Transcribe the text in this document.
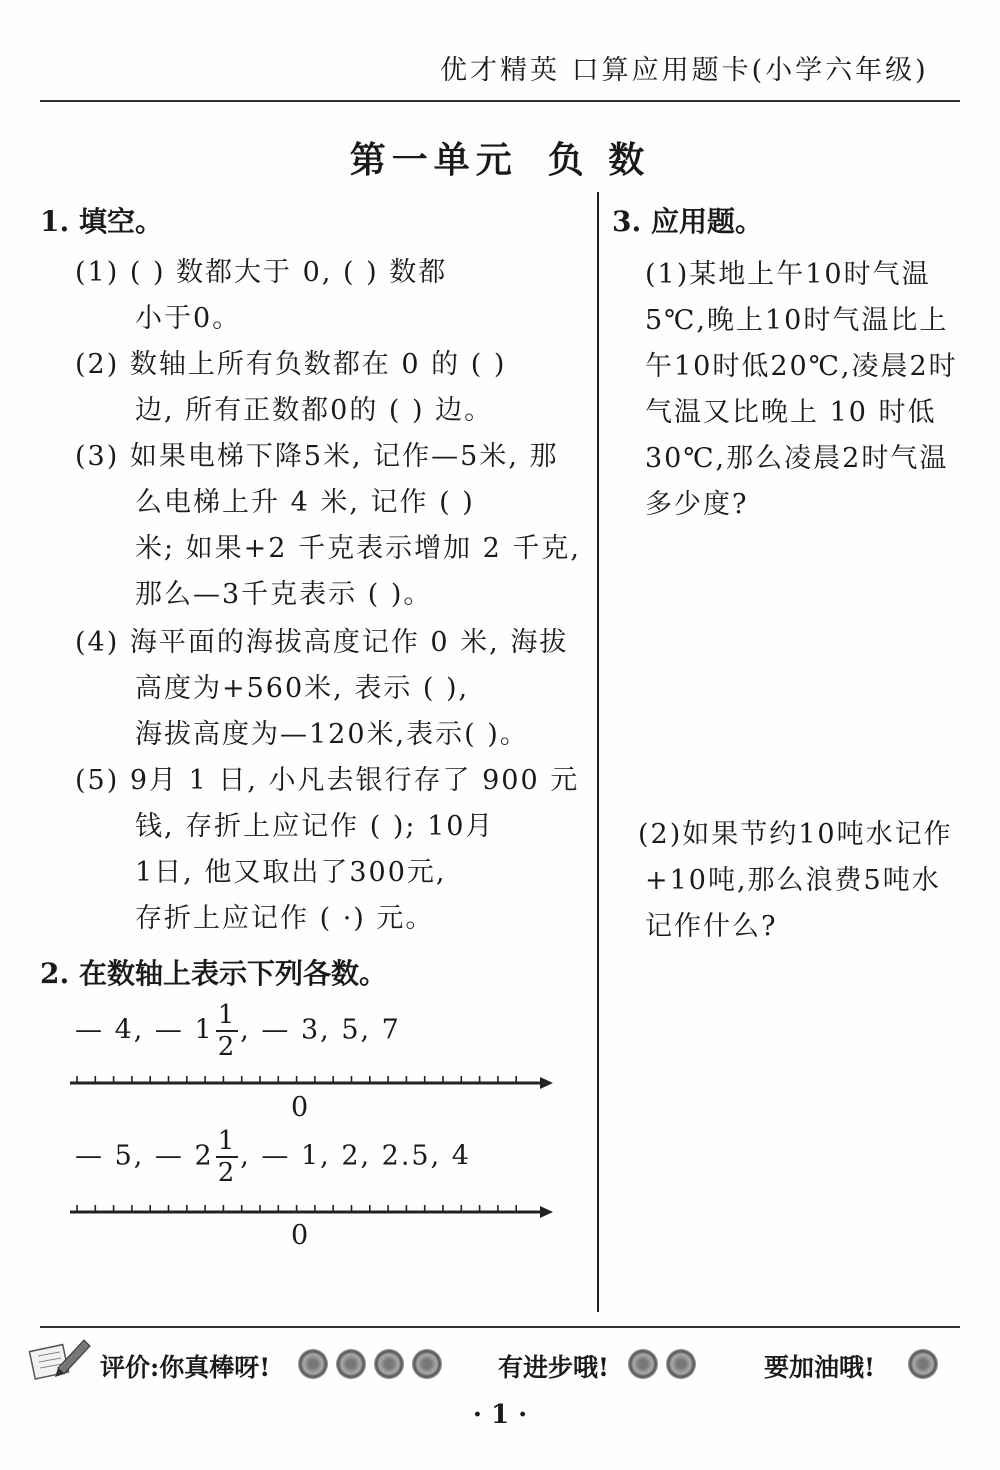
优才精英 口算应用题卡(小学六年级)
第一单元 负 数
1. 填空。
(1) ( ) 数都大于 0, ( ) 数都
小于0。
(2) 数轴上所有负数都在 0 的 ( )
边, 所有正数都0的 ( ) 边。
(3) 如果电梯下降5米, 记作—5米, 那
么电梯上升 4 米, 记作 ( )
米; 如果+2 千克表示增加 2 千克,
那么—3千克表示 ( )。
(4) 海平面的海拔高度记作 0 米, 海拔
高度为+560米, 表示 ( ),
海拔高度为—120米,表示( )。
(5) 9月 1 日, 小凡去银行存了 900 元
钱, 存折上应记作 ( ); 10月
1日, 他又取出了300元,
存折上应记作 ( ·) 元。
2. 在数轴上表示下列各数。
— 4, — $1 \frac{1}{2}$ , — 3, 5, 7
0
— 5, — $2 \frac{1}{2}$ , — 1, 2, 2.5, 4
0
3. 应用题。
(1)某地上午10时气温
5℃,晚上10时气温比上
午10时低20℃,凌晨2时
气温又比晚上 10 时低
30℃,那么凌晨2时气温
多少度?
(2)如果节约10吨水记作
+10吨,那么浪费5吨水
记作什么?
评价:你真棒呀!	有进步哦!	要加油哦!
· 1 ·
